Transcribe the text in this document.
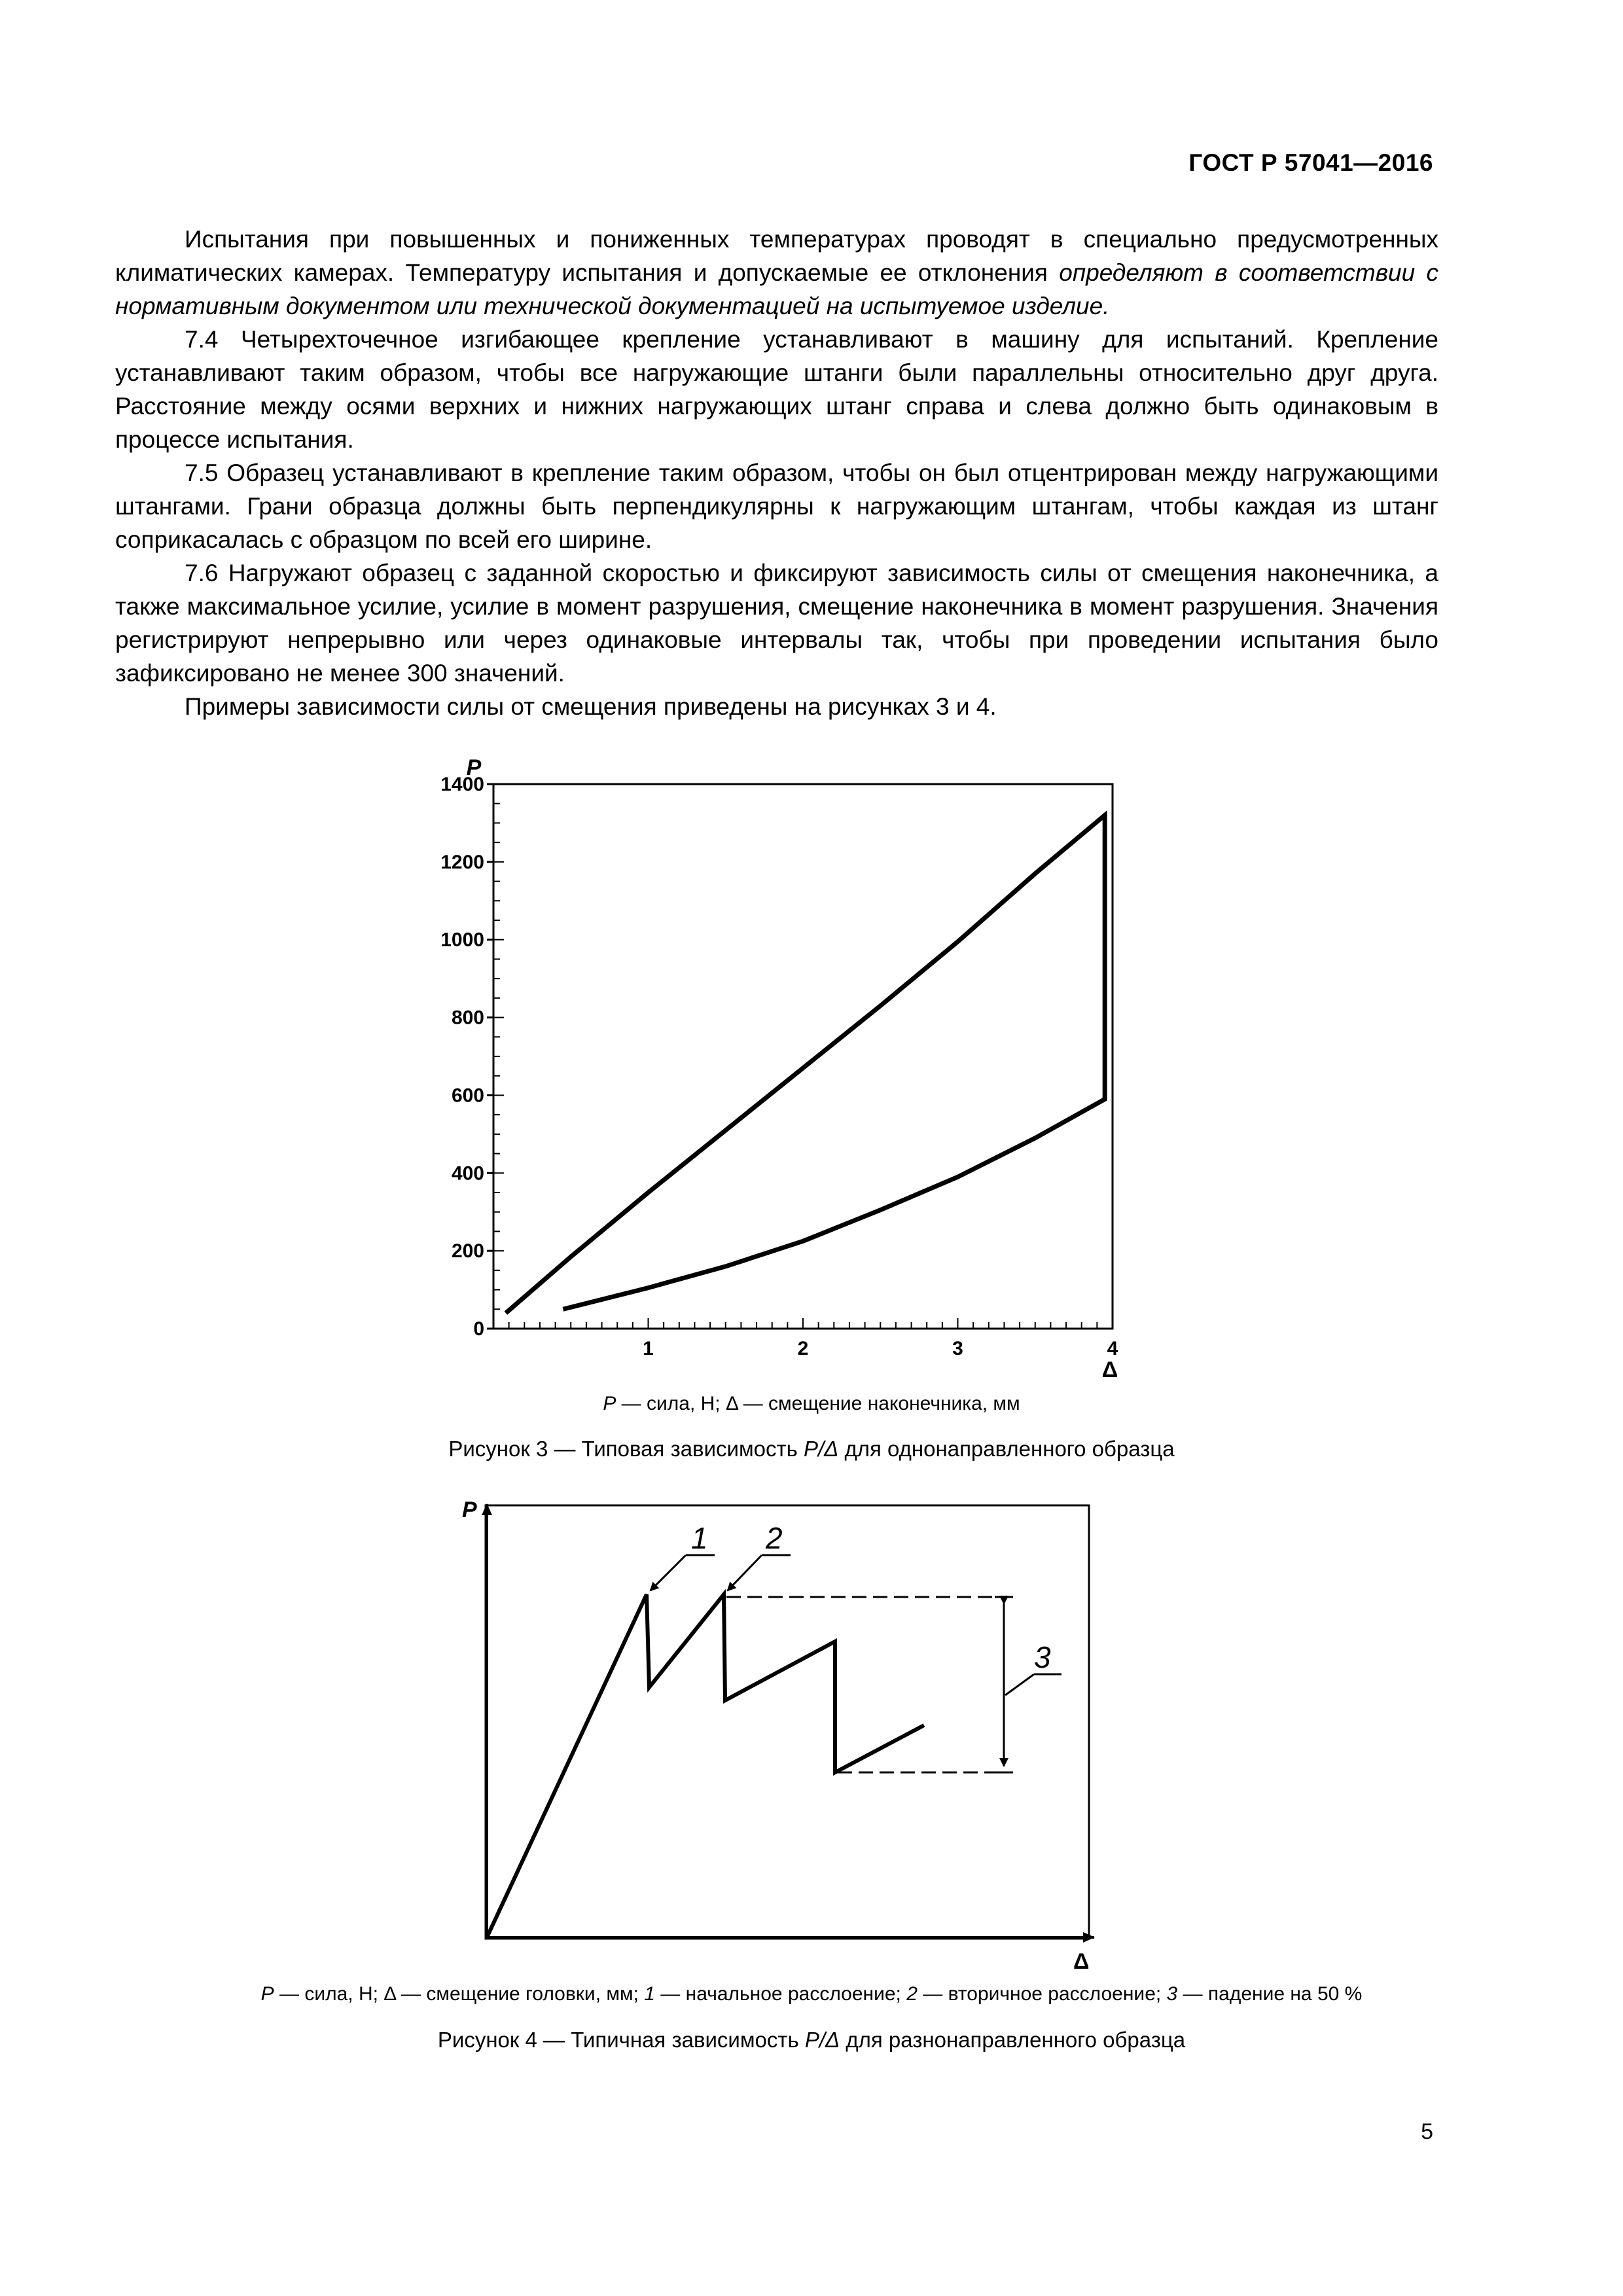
ГОСТ Р 57041—2016

Испытания при повышенных и пониженных температурах проводят в специально предусмотренных климатических камерах. Температуру испытания и допускаемые ее отклонения определяют в соответствии с нормативным документом или технической документацией на испытуемое изделие.

7.4 Четырехточечное изгибающее крепление устанавливают в машину для испытаний. Крепление устанавливают таким образом, чтобы все нагружающие штанги были параллельны относительно друг друга. Расстояние между осями верхних и нижних нагружающих штанг справа и слева должно быть одинаковым в процессе испытания.

7.5 Образец устанавливают в крепление таким образом, чтобы он был отцентрирован между нагружающими штангами. Грани образца должны быть перпендикулярны к нагружающим штангам, чтобы каждая из штанг соприкасалась с образцом по всей его ширине.

7.6 Нагружают образец с заданной скоростью и фиксируют зависимость силы от смещения наконечника, а также максимальное усилие, усилие в момент разрушения, смещение наконечника в момент разрушения. Значения регистрируют непрерывно или через одинаковые интервалы так, чтобы при проведении испытания было зафиксировано не менее 300 значений.

Примеры зависимости силы от смещения приведены на рисунках 3 и 4.

0
200
400
600
800
1000
1200
1400
1	2	3	4
P
Δ
P — сила, Н; Δ — смещение наконечника, мм
Рисунок 3 — Типовая зависимость P/Δ для однонаправленного образца
P
Δ
1 2
3
P — сила, Н; Δ — смещение головки, мм; 1 — начальное расслоение; 2 — вторичное расслоение; 3 — падение на 50 %
Рисунок 4 — Типичная зависимость P/Δ для разнонаправленного образца
5
